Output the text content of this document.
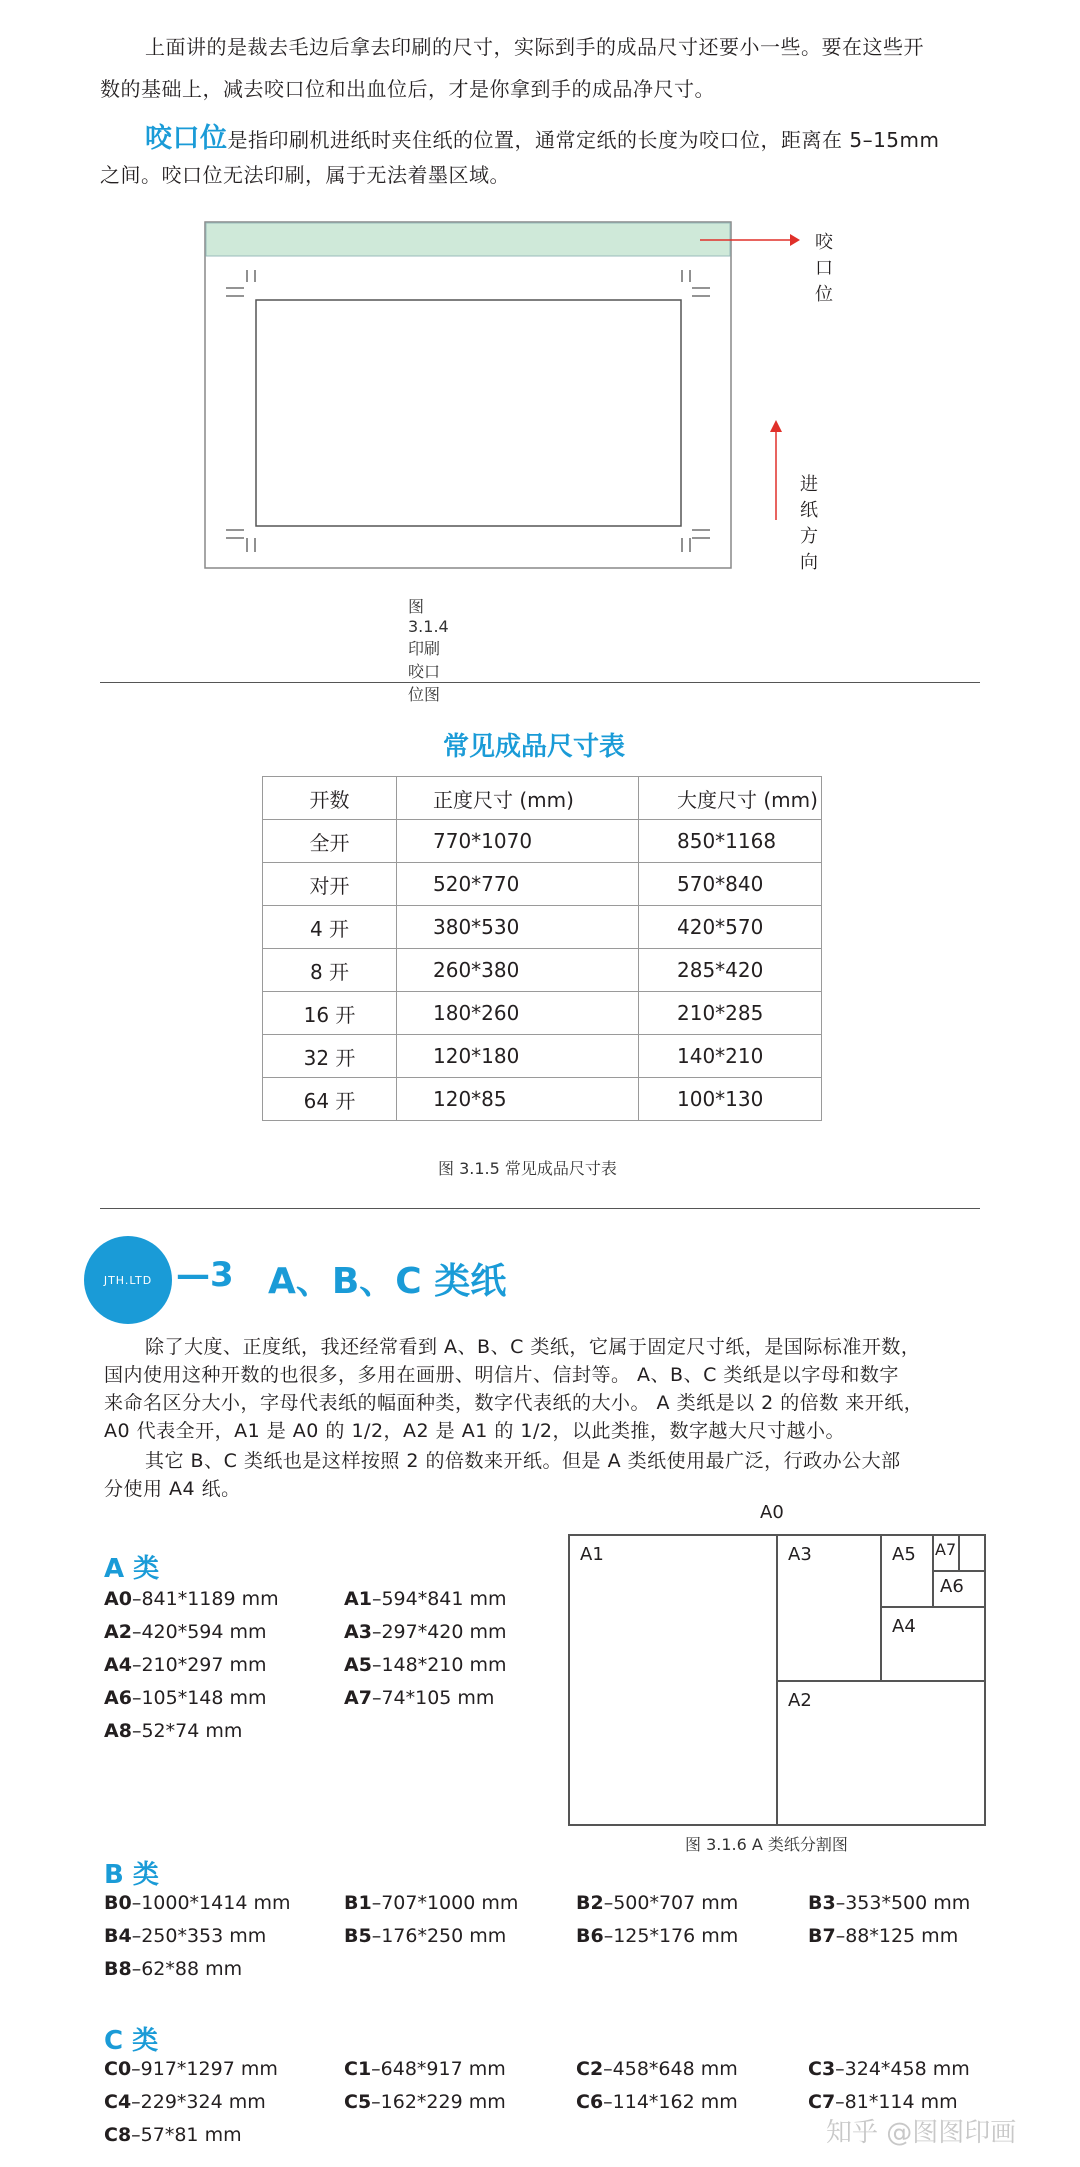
上面讲的是裁去毛边后拿去印刷的尺寸，实际到手的成品尺寸还要小一些。要在这些开
数的基础上，减去咬口位和出血位后，才是你拿到手的成品净尺寸。
咬口位是指印刷机进纸时夹住纸的位置，通常定纸的长度为咬口位，距离在 5–15mm
之间。咬口位无法印刷，属于无法着墨区域。
咬口位
进纸方向
图 3.1.4 印刷咬口位图
常见成品尺寸表
开数	正度尺寸 (mm)	大度尺寸 (mm)
全开	770*1070	850*1168
对开	520*770	570*840
4 开	380*530	420*570
8 开	260*380	285*420
16 开	180*260	210*285
32 开	120*180	140*210
64 开	120*85	100*130
图 3.1.5 常见成品尺寸表
JTH.LTD —3 A、B、C 类纸
除了大度、正度纸，我还经常看到 A、B、C 类纸，它属于固定尺寸纸，是国际标准开数，
国内使用这种开数的也很多，多用在画册、明信片、信封等。 A、B、C 类纸是以字母和数字
来命名区分大小，字母代表纸的幅面种类，数字代表纸的大小。 A 类纸是以 2 的倍数 来开纸，
A0 代表全开，A1 是 A0 的 1/2，A2 是 A1 的 1/2，以此类推，数字越大尺寸越小。
其它 B、C 类纸也是这样按照 2 的倍数来开纸。但是 A 类纸使用最广泛，行政办公大部
分使用 A4 纸。
A 类
A0–841*1189 mm	A1–594*841 mm
A2–420*594 mm	A3–297*420 mm
A4–210*297 mm	A5–148*210 mm
A6–105*148 mm	A7–74*105 mm
A8–52*74 mm
A0
A1
A2
A3
A4
A5
A6
A7
图 3.1.6 A 类纸分割图
B 类
B0–1000*1414 mm	B1–707*1000 mm	B2–500*707 mm	B3–353*500 mm
B4–250*353 mm	B5–176*250 mm	B6–125*176 mm	B7–88*125 mm
B8–62*88 mm
C 类
C0–917*1297 mm	C1–648*917 mm	C2–458*648 mm	C3–324*458 mm
C4–229*324 mm	C5–162*229 mm	C6–114*162 mm	C7–81*114 mm
C8–57*81 mm	知乎 @图图印画
